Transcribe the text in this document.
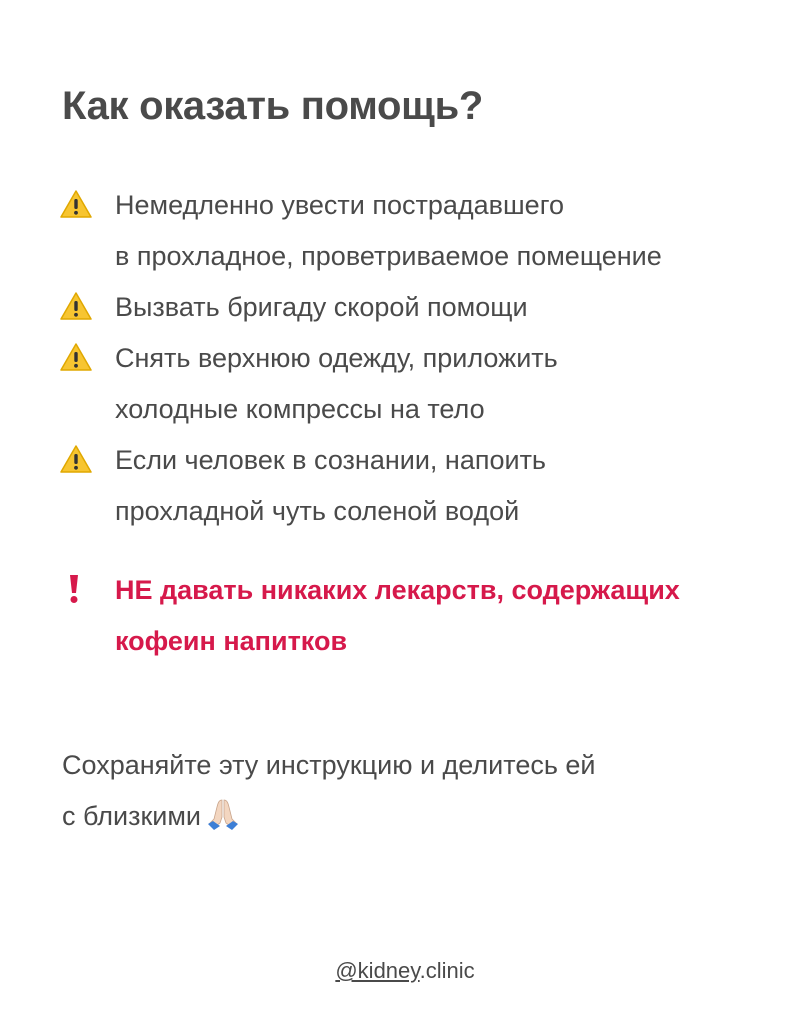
Как оказать помощь?
Немедленно увести пострадавшего
в прохладное, проветриваемое помещение
Вызвать бригаду скорой помощи
Снять верхнюю одежду, приложить
холодные компрессы на тело
Если человек в сознании, напоить
прохладной чуть соленой водой
НЕ давать никаких лекарств, содержащих
кофеин напитков
Сохраняйте эту инструкцию и делитесь ей
с близкими
@kidney.clinic
